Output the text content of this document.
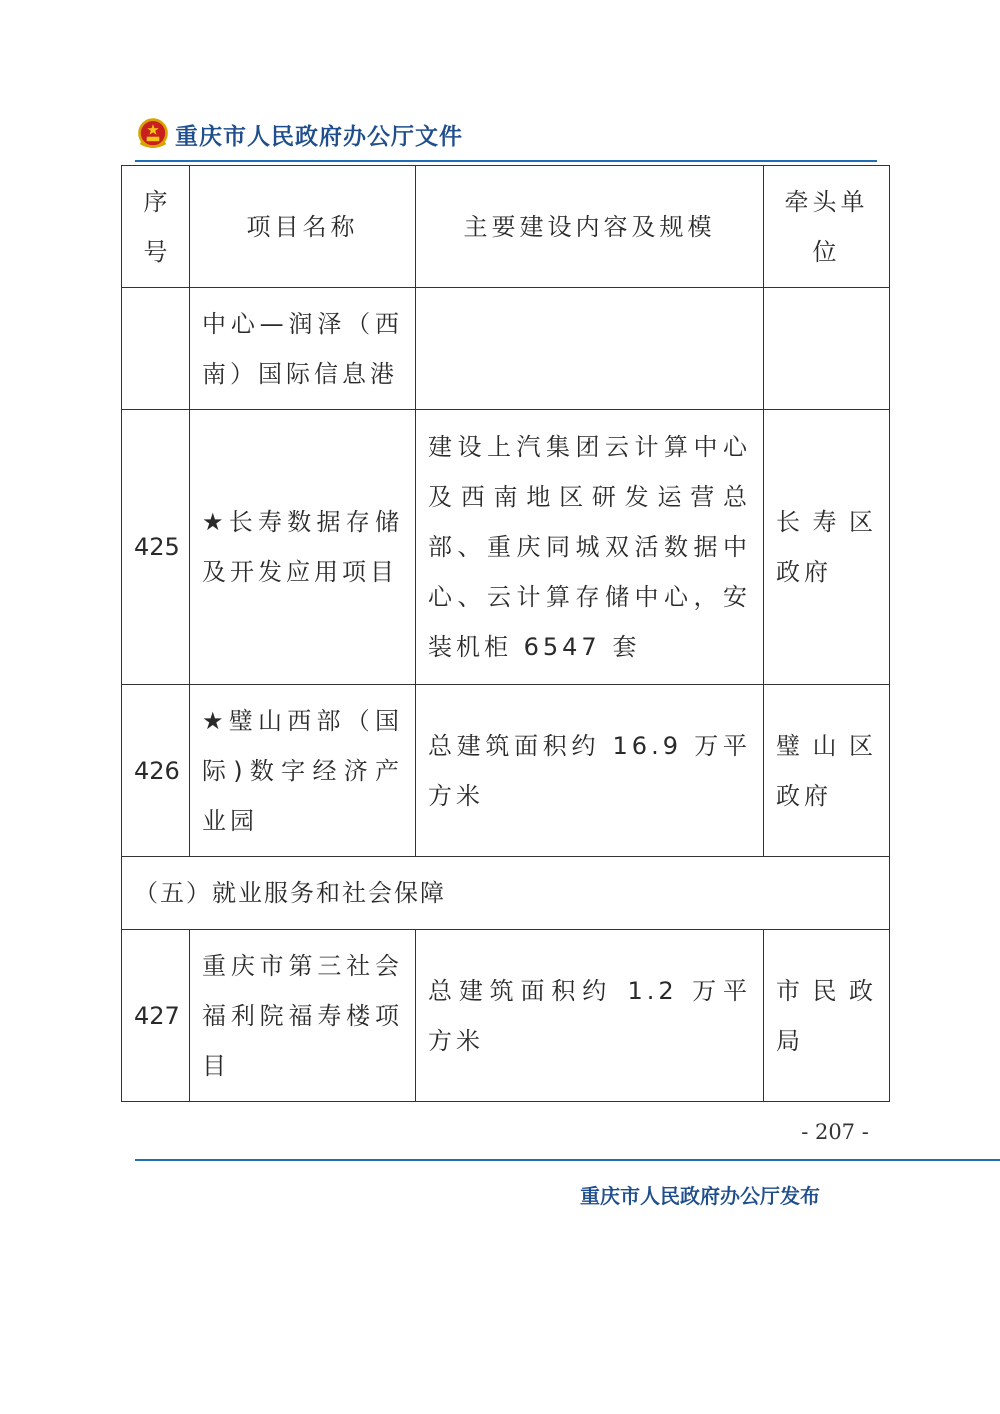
重庆市人民政府办公厅文件
序号	项目名称	主要建设内容及规模	牵头单位
	中心—润泽（西南）国际信息港		
425	★长寿数据存储及开发应用项目	建设上汽集团云计算中心及西南地区研发运营总部、重庆同城双活数据中心、云计算存储中心，安装机柜 6547 套	长寿区政府
426	★璧山西部（国际)数字经济产业园	总建筑面积约 16.9 万平方米	璧山区政府
（五）就业服务和社会保障			
427	重庆市第三社会福利院福寿楼项目	总建筑面积约 1.2 万平方米	市民政局
- 207 -
重庆市人民政府办公厅发布
